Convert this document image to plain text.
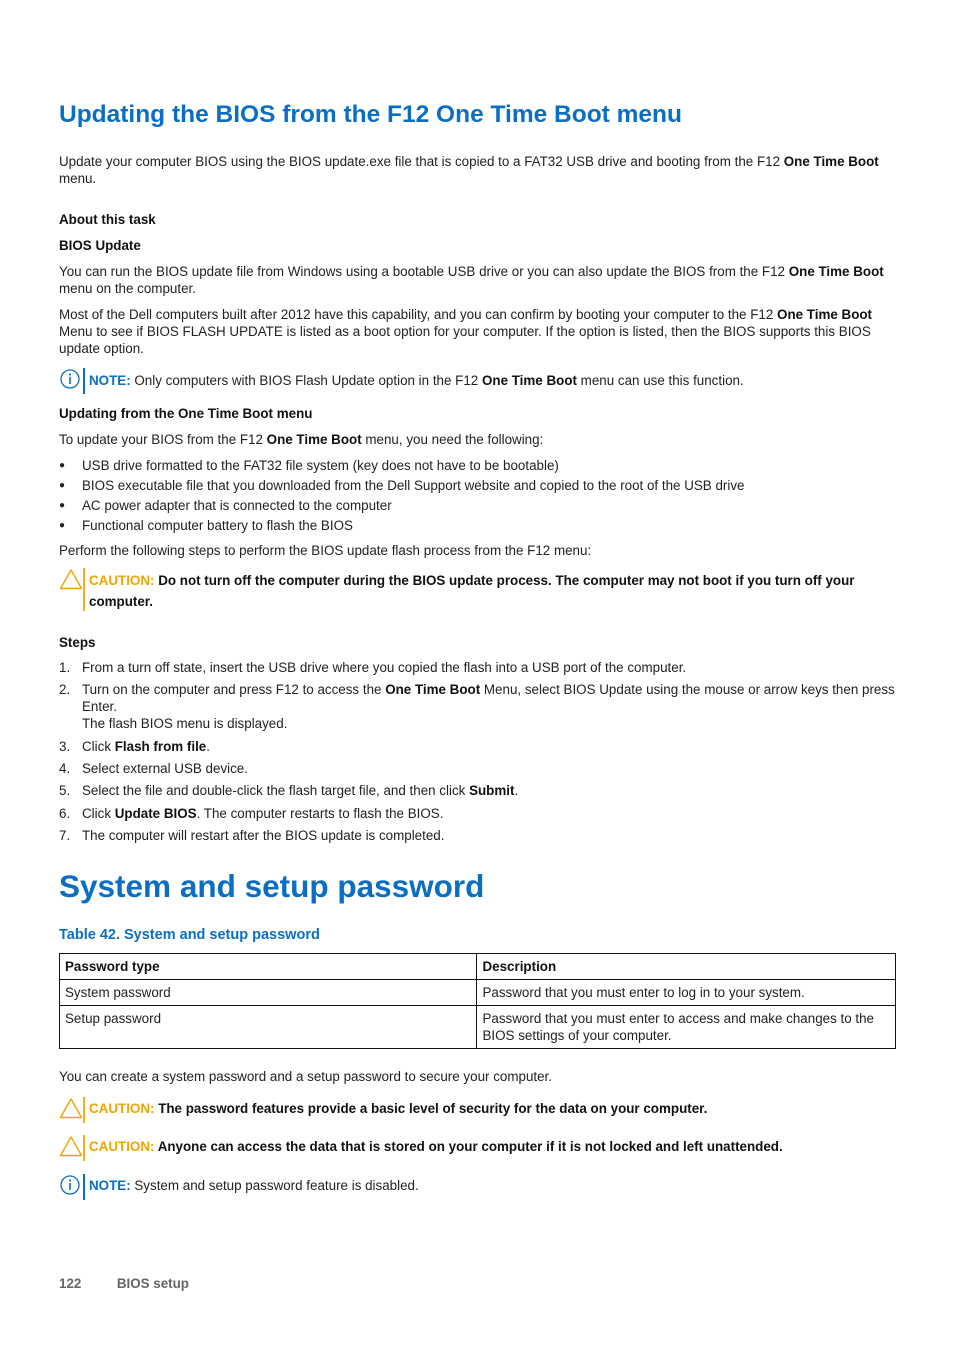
Updating the BIOS from the F12 One Time Boot menu

Update your computer BIOS using the BIOS update.exe file that is copied to a FAT32 USB drive and booting from the F12 One Time Boot menu.

About this task

BIOS Update

You can run the BIOS update file from Windows using a bootable USB drive or you can also update the BIOS from the F12 One Time Boot menu on the computer.

Most of the Dell computers built after 2012 have this capability, and you can confirm by booting your computer to the F12 One Time Boot Menu to see if BIOS FLASH UPDATE is listed as a boot option for your computer. If the option is listed, then the BIOS supports this BIOS update option.

NOTE: Only computers with BIOS Flash Update option in the F12 One Time Boot menu can use this function.

Updating from the One Time Boot menu

To update your BIOS from the F12 One Time Boot menu, you need the following:

● USB drive formatted to the FAT32 file system (key does not have to be bootable)
● BIOS executable file that you downloaded from the Dell Support website and copied to the root of the USB drive
● AC power adapter that is connected to the computer
● Functional computer battery to flash the BIOS

Perform the following steps to perform the BIOS update flash process from the F12 menu:

CAUTION: Do not turn off the computer during the BIOS update process. The computer may not boot if you turn off your computer.

Steps

1. From a turn off state, insert the USB drive where you copied the flash into a USB port of the computer.
2. Turn on the computer and press F12 to access the One Time Boot Menu, select BIOS Update using the mouse or arrow keys then press Enter.
The flash BIOS menu is displayed.
3. Click Flash from file.
4. Select external USB device.
5. Select the file and double-click the flash target file, and then click Submit.
6. Click Update BIOS. The computer restarts to flash the BIOS.
7. The computer will restart after the BIOS update is completed.
System and setup password
Table 42. System and setup password
Password type	Description
System password	Password that you must enter to log in to your system.
Setup password	Password that you must enter to access and make changes to the BIOS settings of your computer.

You can create a system password and a setup password to secure your computer.

CAUTION: The password features provide a basic level of security for the data on your computer.

CAUTION: Anyone can access the data that is stored on your computer if it is not locked and left unattended.

NOTE: System and setup password feature is disabled.

122	BIOS setup
